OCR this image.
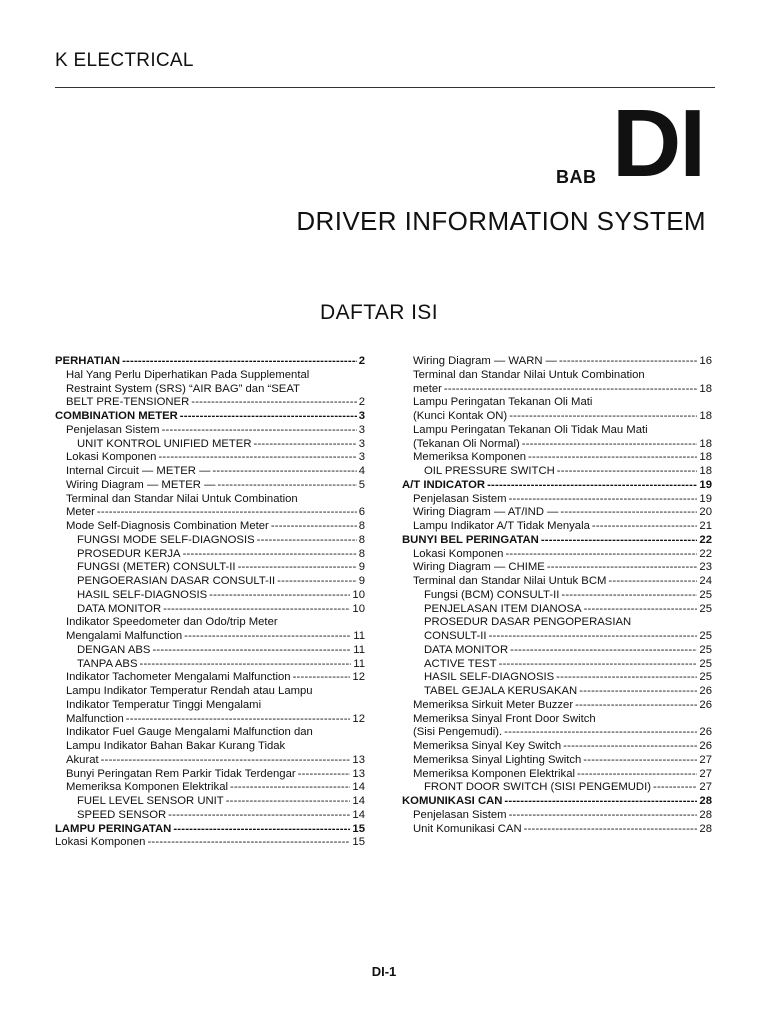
K ELECTRICAL
BAB DI
DRIVER INFORMATION SYSTEM
DAFTAR ISI
PERHATIAN -----	2
Hal Yang Perlu Diperhatikan Pada Supplemental
Restraint System (SRS) “AIR BAG” dan “SEAT
BELT PRE-TENSIONER -----	2
COMBINATION METER -----	3
Penjelasan Sistem -----	3
UNIT KONTROL UNIFIED METER -----	3
Lokasi Komponen -----	3
Internal Circuit — METER — -----	4
Wiring Diagram — METER — -----	5
Terminal dan Standar Nilai Untuk Combination
Meter -----	6
Mode Self-Diagnosis Combination Meter -----	8
FUNGSI MODE SELF-DIAGNOSIS -----	8
PROSEDUR KERJA -----	8
FUNGSI (METER) CONSULT-II -----	9
PENGOERASIAN DASAR CONSULT-II -----	9
HASIL SELF-DIAGNOSIS -----	10
DATA MONITOR -----	10
Indikator Speedometer dan Odo/trip Meter
Mengalami Malfunction -----	11
DENGAN ABS -----	11
TANPA ABS -----	11
Indikator Tachometer Mengalami Malfunction -----	12
Lampu Indikator Temperatur Rendah atau Lampu
Indikator Temperatur Tinggi Mengalami
Malfunction -----	12
Indikator Fuel Gauge Mengalami Malfunction dan
Lampu Indikator Bahan Bakar Kurang Tidak
Akurat -----	13
Bunyi Peringatan Rem Parkir Tidak Terdengar -----	13
Memeriksa Komponen Elektrikal -----	14
FUEL LEVEL SENSOR UNIT -----	14
SPEED SENSOR -----	14
LAMPU PERINGATAN -----	15
Lokasi Komponen -----	15
Wiring Diagram — WARN — -----	16
Terminal dan Standar Nilai Untuk Combination
meter -----	18
Lampu Peringatan Tekanan Oli Mati
(Kunci Kontak ON) -----	18
Lampu Peringatan Tekanan Oli Tidak Mau Mati
(Tekanan Oli Normal) -----	18
Memeriksa Komponen -----	18
OIL PRESSURE SWITCH -----	18
A/T INDICATOR -----	19
Penjelasan Sistem -----	19
Wiring Diagram — AT/IND — -----	20
Lampu Indikator A/T Tidak Menyala -----	21
BUNYI BEL PERINGATAN -----	22
Lokasi Komponen -----	22
Wiring Diagram — CHIME -----	23
Terminal dan Standar Nilai Untuk BCM -----	24
Fungsi (BCM) CONSULT-II -----	25
PENJELASAN ITEM DIANOSA -----	25
PROSEDUR DASAR PENGOPERASIAN
CONSULT-II -----	25
DATA MONITOR -----	25
ACTIVE TEST -----	25
HASIL SELF-DIAGNOSIS -----	25
TABEL GEJALA KERUSAKAN -----	26
Memeriksa Sirkuit Meter Buzzer -----	26
Memeriksa Sinyal Front Door Switch
(Sisi Pengemudi). -----	26
Memeriksa Sinyal Key Switch -----	26
Memeriksa Sinyal Lighting Switch -----	27
Memeriksa Komponen Elektrikal -----	27
FRONT DOOR SWITCH (SISI PENGEMUDI) -----	27
KOMUNIKASI CAN -----	28
Penjelasan Sistem -----	28
Unit Komunikasi CAN -----	28
DI-1
